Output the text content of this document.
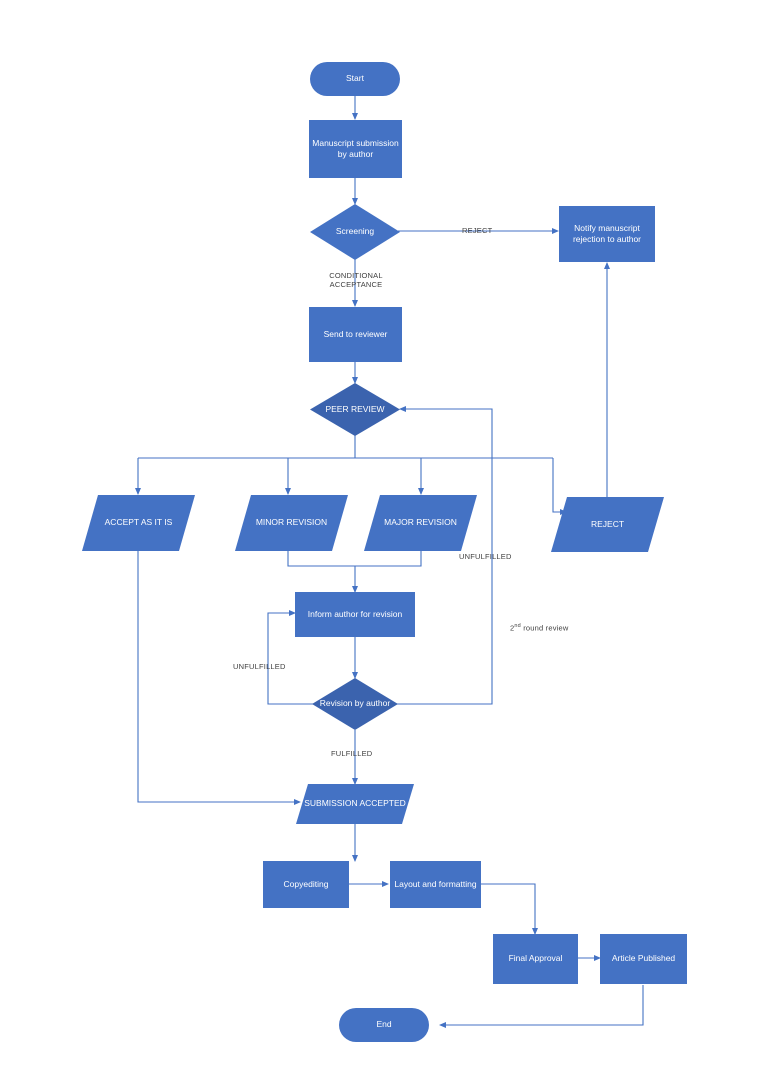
Start
Manuscript submission by author
Screening	Notify manuscript rejection to author
Send to reviewer
PEER REVIEW
ACCEPT AS IT IS	MINOR REVISION	MAJOR REVISION	REJECT
Inform author for revision
Revision by author
SUBMISSION ACCEPTED
Copyediting	Layout and formatting
Final Approval	Article Published
End
REJECT
CONDITIONAL ACCEPTANCE
UNFULFILLED
UNFULFILLED
FULFILLED
2nd round review
